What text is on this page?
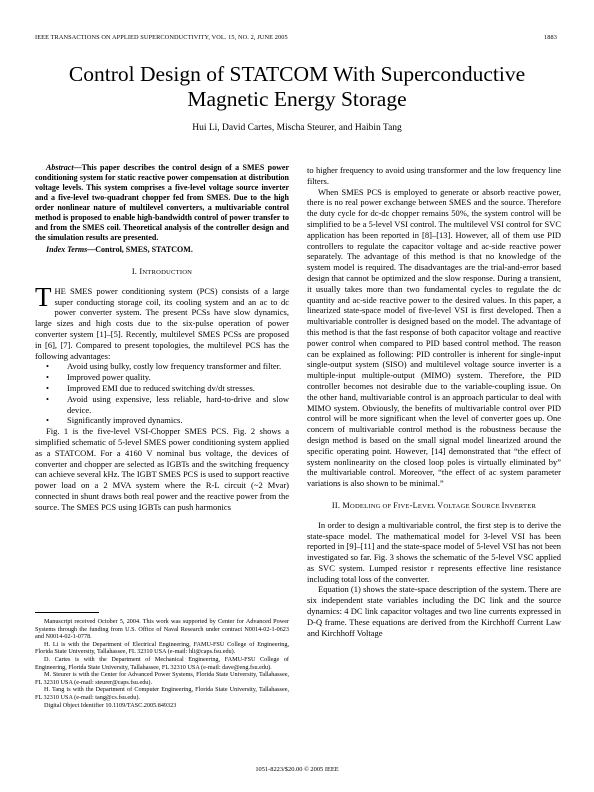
IEEE TRANSACTIONS ON APPLIED SUPERCONDUCTIVITY, VOL. 15, NO. 2, JUNE 2005	1883
Control Design of STATCOM With Superconductive
Magnetic Energy Storage
Hui Li, David Cartes, Mischa Steurer, and Haibin Tang

Abstract—This paper describes the control design of a SMES power conditioning system for static reactive power compensation at distribution voltage levels. This system comprises a five-level voltage source inverter and a five-level two-quadrant chopper fed from SMES. Due to the high order nonlinear nature of multilevel converters, a multivariable control method is proposed to enable high-bandwidth control of power transfer to and from the SMES coil. Theoretical analysis of the controller design and the simulation results are presented.

Index Terms—Control, SMES, STATCOM.

I. INTRODUCTION

THE SMES power conditioning system (PCS) consists of a large super conducting storage coil, its cooling system and an ac to dc power converter system. The present PCSs have slow dynamics, large sizes and high costs due to the six-pulse operation of power converter system [1]–[5]. Recently, multilevel SMES PCSs are proposed in [6], [7]. Compared to present topologies, the multilevel PCS has the following advantages:

• Avoid using bulky, costly low frequency transformer and filter.
• Improved power quality.
• Improved EMI due to reduced switching dv/dt stresses.
• Avoid using expensive, less reliable, hard-to-drive and slow device.
• Significantly improved dynamics.

Fig. 1 is the five-level VSI-Chopper SMES PCS. Fig. 2 shows a simplified schematic of 5-level SMES power conditioning system applied as a STATCOM. For a 4160 V nominal bus voltage, the devices of converter and chopper are selected as IGBTs and the switching frequency can achieve several kHz. The IGBT SMES PCS is used to support reactive power load on a 2 MVA system where the R-L circuit (~2 Mvar) connected in shunt draws both real power and the reactive power from the source. The SMES PCS using IGBTs can push harmonics

Manuscript received October 5, 2004. This work was supported by Center for Advanced Power Systems through the funding from U.S. Office of Naval Research under contract N0014-02-1-0623 and N0014-02-1-0778.

H. Li is with the Department of Electrical Engineering, FAMU-FSU College of Engineering, Florida State University, Tallahassee, FL 32310 USA (e-mail: hli@caps.fsu.edu).

D. Cartes is with the Department of Mechanical Engineering, FAMU-FSU College of Engineering, Florida State University, Tallahassee, FL 32310 USA (e-mail: dave@eng.fsu.edu).

M. Steurer is with the Center for Advanced Power Systems, Florida State University, Tallahassee, FL 32310 USA (e-mail: steurer@caps.fsu.edu).

H. Tang is with the Department of Computer Engineering, Florida State University, Tallahassee, FL 32310 USA (e-mail: tang@cs.fsu.edu).

Digital Object Identifier 10.1109/TASC.2005.849323

to higher frequency to avoid using transformer and the low frequency line filters.

When SMES PCS is employed to generate or absorb reactive power, there is no real power exchange between SMES and the source. Therefore the duty cycle for dc-dc chopper remains 50%, the system control will be simplified to be a 5-level VSI control. The multilevel VSI control for SVC application has been reported in [8]–[13]. However, all of them use PID controllers to regulate the capacitor voltage and ac-side reactive power separately. The advantage of this method is that no knowledge of the system model is required. The disadvantages are the trial-and-error based design that cannot be optimized and the slow response. During a transient, it usually takes more than two fundamental cycles to regulate the dc quantity and ac-side reactive power to the desired values. In this paper, a linearized state-space model of five-level VSI is first developed. Then a multivariable controller is designed based on the model. The advantage of this method is that the fast response of both capacitor voltage and reactive power control when compared to PID based control method. The reason can be explained as following: PID controller is inherent for single-input single-output system (SISO) and multilevel voltage source inverter is a multiple-input multiple-output (MIMO) system. Therefore, the PID controller becomes not desirable due to the variable-coupling issue. On the other hand, multivariable control is an approach particular to deal with MIMO system. Obviously, the benefits of multivariable control over PID control will be more significant when the level of converter goes up. One concern of multivariable control method is the robustness because the design method is based on the small signal model linearized around the specific operating point. However, [14] demonstrated that “the effect of system nonlinearity on the closed loop poles is virtually eliminated by” the multivariable control. Moreover, “the effect of ac system parameter variations is also shown to be minimal.”

II. MODELING OF FIVE-LEVEL VOLTAGE SOURCE INVERTER

In order to design a multivariable control, the first step is to derive the state-space model. The mathematical model for 3-level VSI has been reported in [9]–[11] and the state-space model of 5-level VSI has not been investigated so far. Fig. 3 shows the schematic of the 5-level VSC applied as SVC system. Lumped resistor r represents effective line resistance including total loss of the converter.

Equation (1) shows the state-space description of the system. There are six independent state variables including the DC link and the source dynamics: 4 DC link capacitor voltages and two line currents expressed in D-Q frame. These equations are derived from the Kirchhoff Current Law and Kirchhoff Voltage

1051-8223/$20.00 © 2005 IEEE
